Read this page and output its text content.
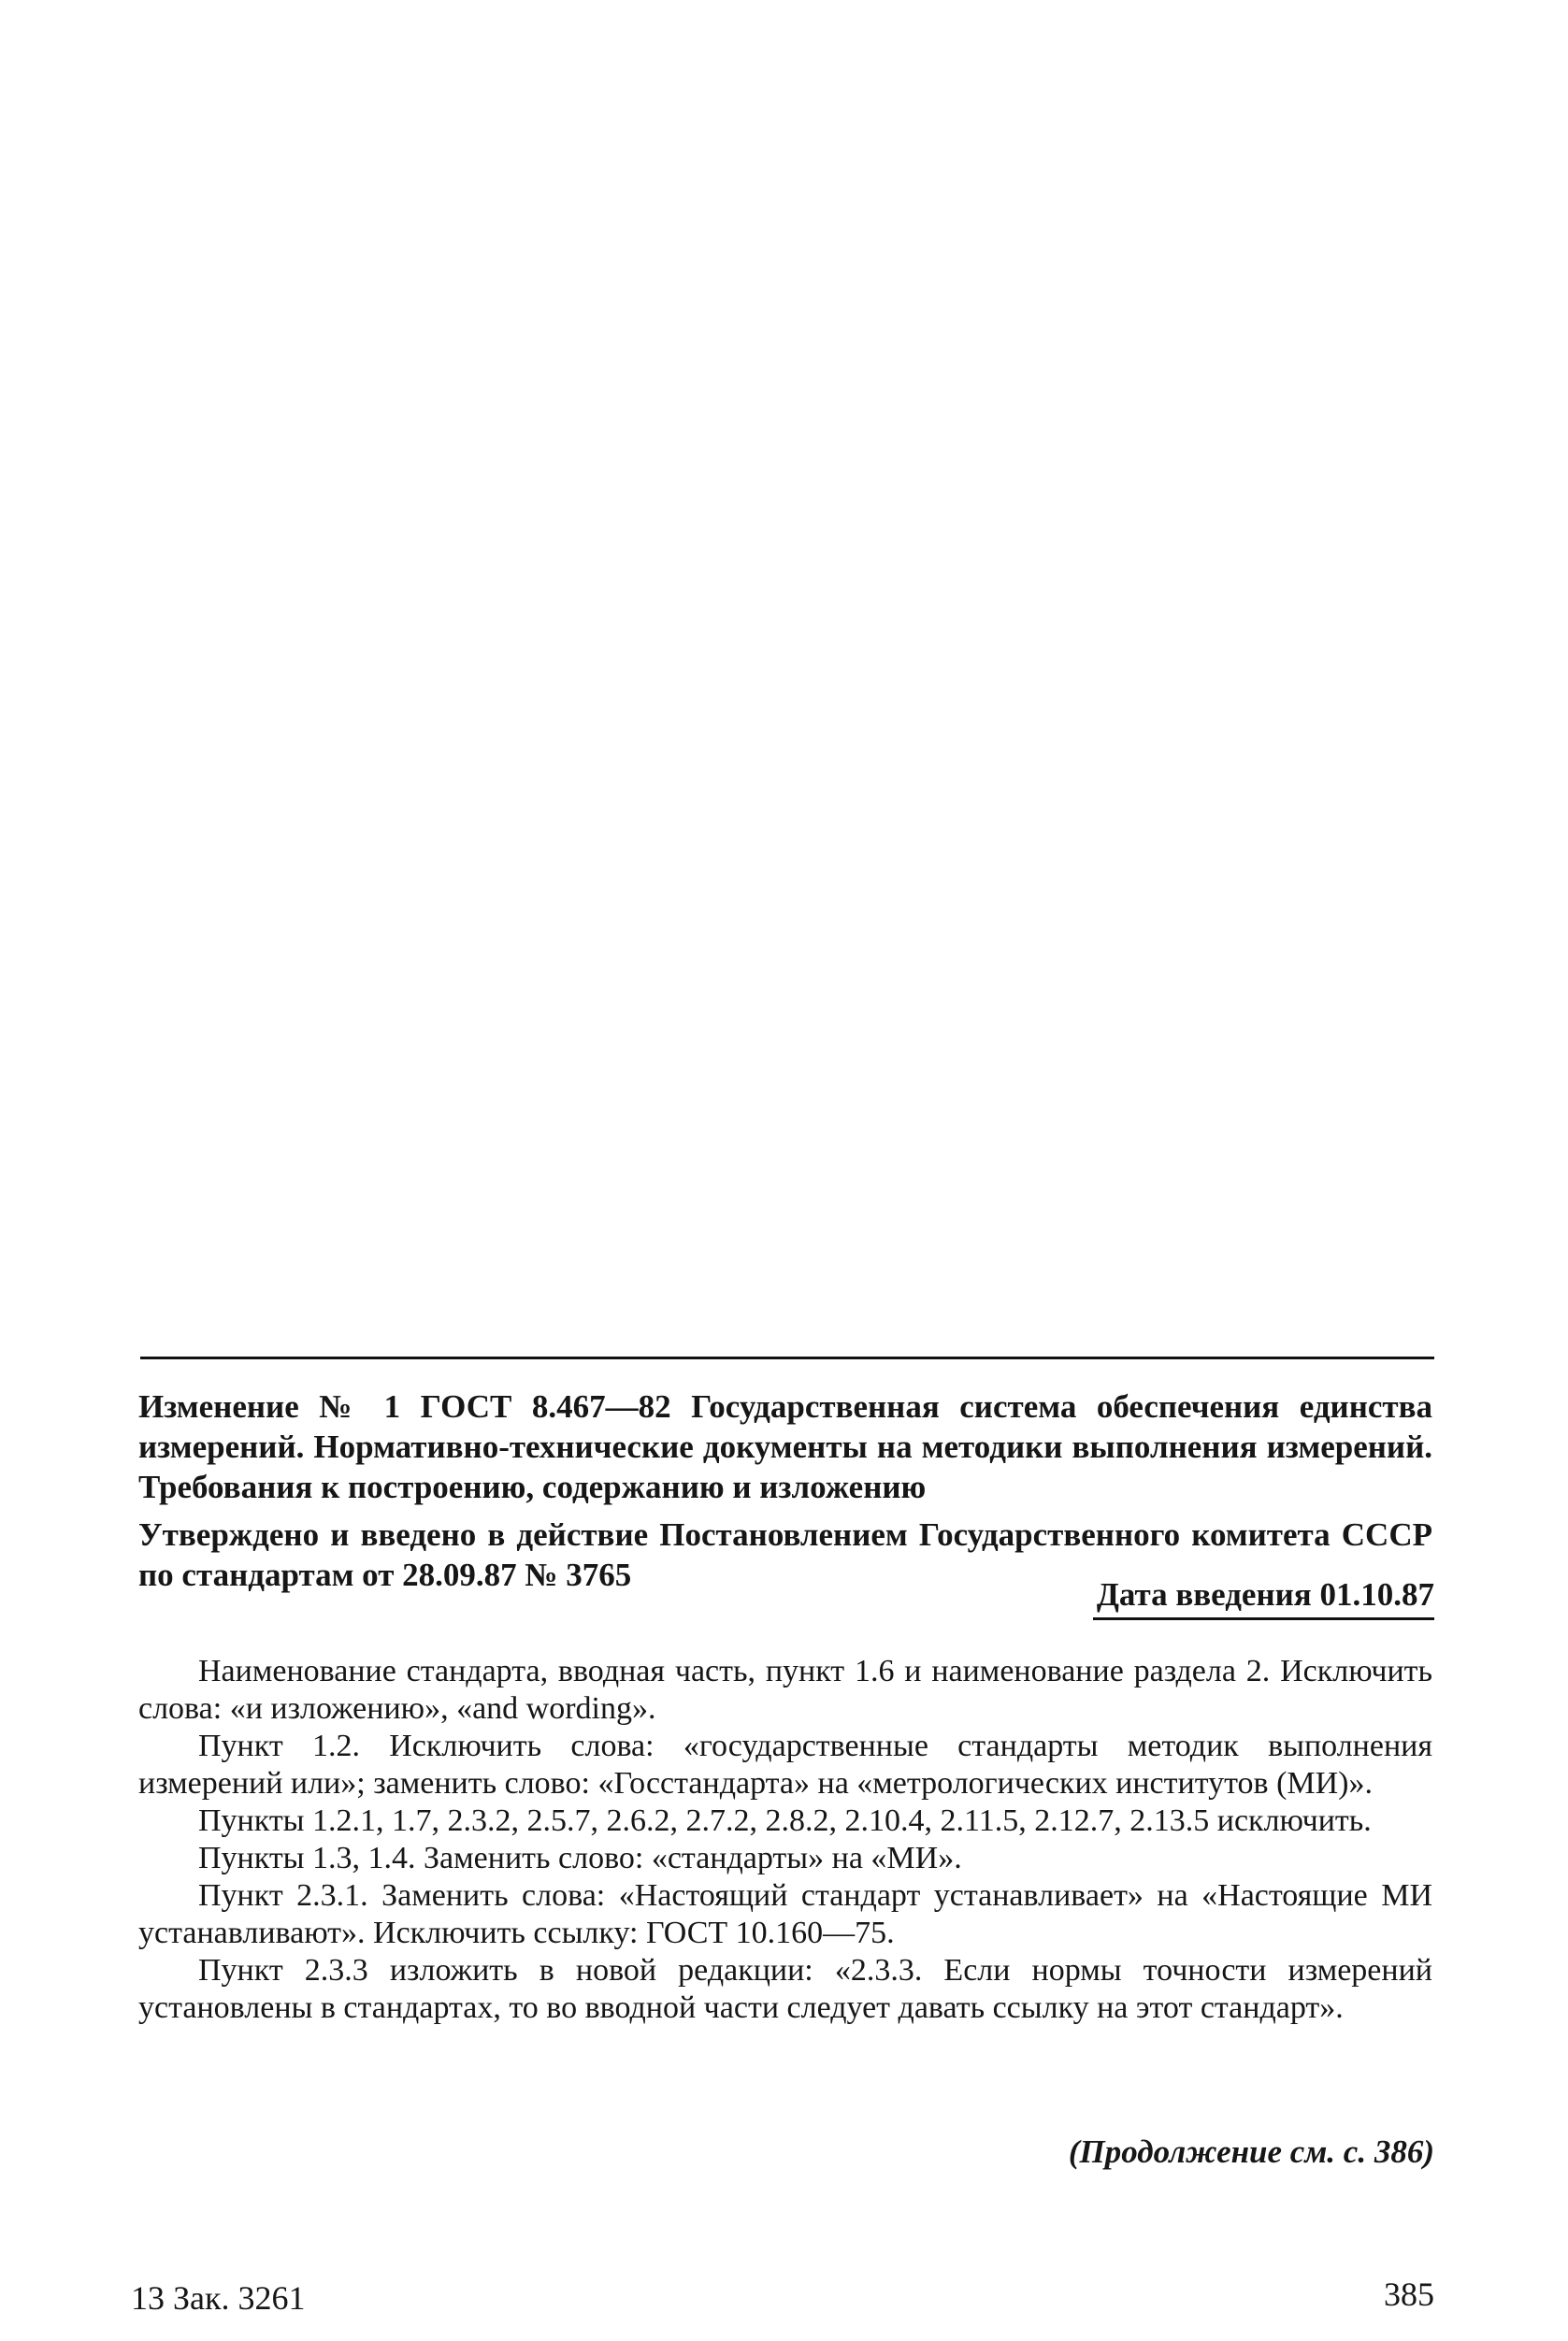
Изменение № 1 ГОСТ 8.467—82 Государственная система обеспечения единства измерений. Нормативно-технические документы на методики выполнения измерений. Требования к построению, содержанию и изложению

Утверждено и введено в действие Постановлением Государственного комитета СССР по стандартам от 28.09.87 № 3765

Дата введения 01.10.87

Наименование стандарта, вводная часть, пункт 1.6 и наименование раздела 2. Исключить слова: «и изложению», «and wording».

Пункт 1.2. Исключить слова: «государственные стандарты методик выполнения измерений или»; заменить слово: «Госстандарта» на «метрологических институтов (МИ)».

Пункты 1.2.1, 1.7, 2.3.2, 2.5.7, 2.6.2, 2.7.2, 2.8.2, 2.10.4, 2.11.5, 2.12.7, 2.13.5 исключить.

Пункты 1.3, 1.4. Заменить слово: «стандарты» на «МИ».

Пункт 2.3.1. Заменить слова: «Настоящий стандарт устанавливает» на «Настоящие МИ устанавливают». Исключить ссылку: ГОСТ 10.160—75.

Пункт 2.3.3 изложить в новой редакции: «2.3.3. Если нормы точности измерений установлены в стандартах, то во вводной части следует давать ссылку на этот стандарт».

(Продолжение см. с. 386)
13 Зак. 3261	385
